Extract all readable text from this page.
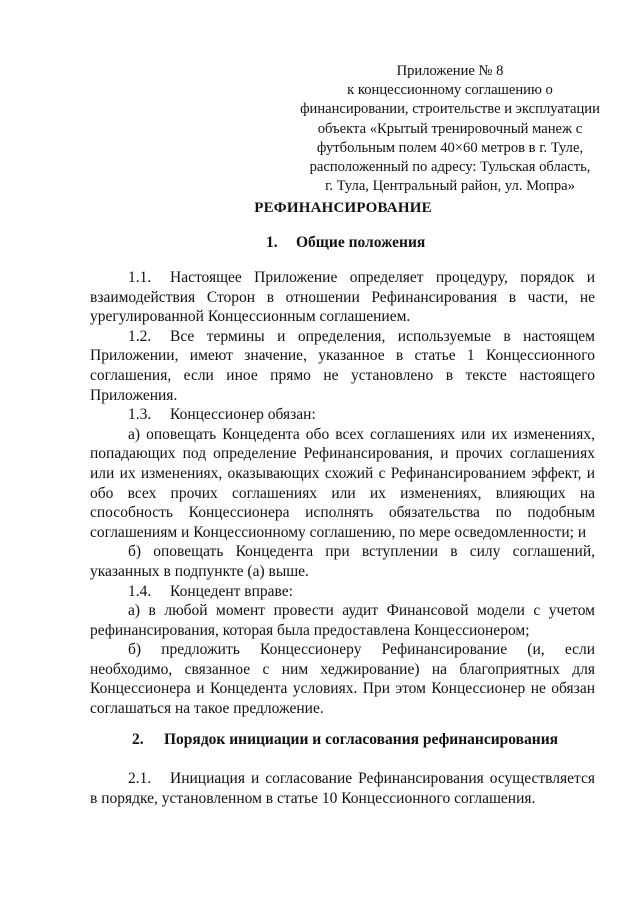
Приложение № 8
к концессионному соглашению о
финансировании, строительстве и эксплуатации
объекта «Крытый тренировочный манеж с
футбольным полем 40×60 метров в г. Туле,
расположенный по адресу: Тульская область,
г. Тула, Центральный район, ул. Мопра»
РЕФИНАНСИРОВАНИЕ
1. Общие положения

1.1. Настоящее Приложение определяет процедуру, порядок и взаимодействия Сторон в отношении Рефинансирования в части, не урегулированной Концессионным соглашением.

1.2. Все термины и определения, используемые в настоящем Приложении, имеют значение, указанное в статье 1 Концессионного соглашения, если иное прямо не установлено в тексте настоящего Приложения.

1.3. Концессионер обязан:

а) оповещать Концедента обо всех соглашениях или их изменениях, попадающих под определение Рефинансирования, и прочих соглашениях или их изменениях, оказывающих схожий с Рефинансированием эффект, и обо всех прочих соглашениях или их изменениях, влияющих на способность Концессионера исполнять обязательства по подобным соглашениям и Концессионному соглашению, по мере осведомленности; и

б) оповещать Концедента при вступлении в силу соглашений, указанных в подпункте (а) выше.

1.4. Концедент вправе:

а) в любой момент провести аудит Финансовой модели с учетом рефинансирования, которая была предоставлена Концессионером;

б) предложить Концессионеру Рефинансирование (и, если необходимо, связанное с ним хеджирование) на благоприятных для Концессионера и Концедента условиях. При этом Концессионер не обязан соглашаться на такое предложение.

2. Порядок инициации и согласования рефинансирования

2.1. Инициация и согласование Рефинансирования осуществляется в порядке, установленном в статье 10 Концессионного соглашения.
